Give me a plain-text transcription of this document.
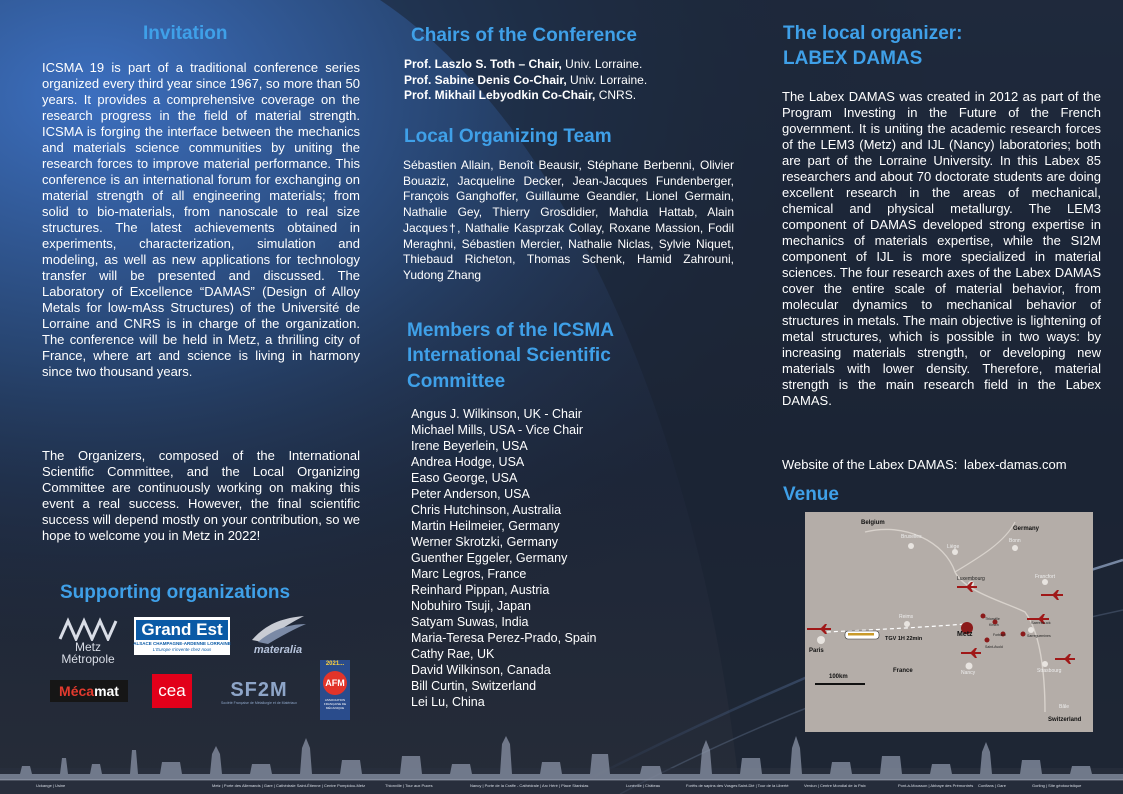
Invitation
ICSMA 19 is part of a traditional conference series organized every third year since 1967, so more than 50 years. It provides a comprehensive coverage on the research progress in the field of material strength. ICSMA is forging the interface between the mechanics and materials science communities by uniting the research forces to improve material performance. This conference is an international forum for exchanging on material strength of all engineering materials; from solid to bio-materials, from nanoscale to real size structures. The latest achievements obtained in experiments, characterization, simulation and modeling, as well as new applications for technology transfer will be presented and discussed. The Laboratory of Excellence “DAMAS” (Design of Alloy Metals for low-mAss Structures) of the Université de Lorraine and CNRS is in charge of the organization. The conference will be held in Metz, a thrilling city of France, where art and science is living in harmony since two thousand years.
The Organizers, composed of the International Scientific Committee, and the Local Organizing Committee are continuously working on making this event a real success. However, the final scientific success will depend mostly on your contribution, so we hope to welcome you in Metz in 2022!
Supporting organizations
Metz
Métropole
Grand Est
ALSACE CHAMPAGNE-ARDENNE LORRAINE
L'Europe s'invente chez nous	materalia
Méca mat cea SF2M
Société Française de Métallurgie et de Matériaux
2021...
AFM
ASSOCIATION FRANÇAISE DE MÉCANIQUE
Chairs of the Conference
Prof. Laszlo S. Toth – Chair, Univ. Lorraine.
Prof. Sabine Denis Co-Chair, Univ. Lorraine.
Prof. Mikhail Lebyodkin Co-Chair, CNRS.
Local Organizing Team
Sébastien Allain, Benoît Beausir, Stéphane Berbenni, Olivier Bouaziz, Jacqueline Decker, Jean-Jacques Fundenberger, François Ganghoffer, Guillaume Geandier, Lionel Germain, Nathalie Gey, Thierry Grosdidier, Mahdia Hattab, Alain Jacques†, Nathalie Kasprzak Collay, Roxane Massion, Fodil Meraghni, Sébastien Mercier, Nathalie Niclas, Sylvie Niquet, Thiebaud Richeton, Thomas Schenk, Hamid Zahrouni, Yudong Zhang
Members of the ICSMA
International Scientific
Committee
Angus J. Wilkinson, UK - Chair
Michael Mills, USA - Vice Chair
Irene Beyerlein, USA
Andrea Hodge, USA
Easo George, USA
Peter Anderson, USA
Chris Hutchinson, Australia
Martin Heilmeier, Germany
Werner Skrotzki, Germany
Guenther Eggeler, Germany
Marc Legros, France
Reinhard Pippan, Austria
Nobuhiro Tsuji, Japan
Satyam Suwas, India
Maria-Teresa Perez-Prado, Spain
Cathy Rae, UK
David Wilkinson, Canada
Bill Curtin, Switzerland
Lei Lu, China
The local organizer:
LABEX DAMAS
The Labex DAMAS was created in 2012 as part of the Program Investing in the Future of the French government. It is uniting the academic research forces of the LEM3 (Metz) and IJL (Nancy) laboratories; both are part of the Lorraine University. In this Labex 85 researchers and about 70 doctorate students are doing excellent research in the areas of mechanical, chemical and physical metallurgy. The LEM3 component of DAMAS developed strong expertise in mechanics of materials expertise, while the SI2M component of IJL is more specialized in material sciences. The four research axes of the Labex DAMAS cover the entire scale of material behavior, from molecular dynamics to mechanical behavior of structures in metals. The main objective is lightening of metal structures, which is possible in two ways: by increasing materials strength, or developing new materials with lower density. Therefore, material strength is the main research field in the Labex DAMAS.
Website of the Labex DAMAS: labex-damas.com
Venue
Belgium
Germany
Metz
Paris
TGV 1H 22min
France
100km
Switzerland
Bruxelles
Liège
Bonn
Luxembourg	Francfort
Reims	Thionville
Kirsch
Forbach	Sarreguemines
Saint-Avold
Sarrebruck
Nancy	Strasbourg
Bâle
Uckange | Usine	Metz | Porte des Allemands | Gare | Cathédrale Saint-Étienne | Centre Pompidou-Metz	Thionville | Tour aux Puces	Nancy | Porte de la Craffe - Cathédrale | Arc Héré | Place Stanislas	Lunéville | Château	Forêts de sapins des Vosges Saint-Dié | Tour de la Liberté	Verdun | Centre Mondial de la Paix	Pont-à-Mousson | Abbaye des Prémontrés Conflans | Gare	Gorling | Site géotouristique
